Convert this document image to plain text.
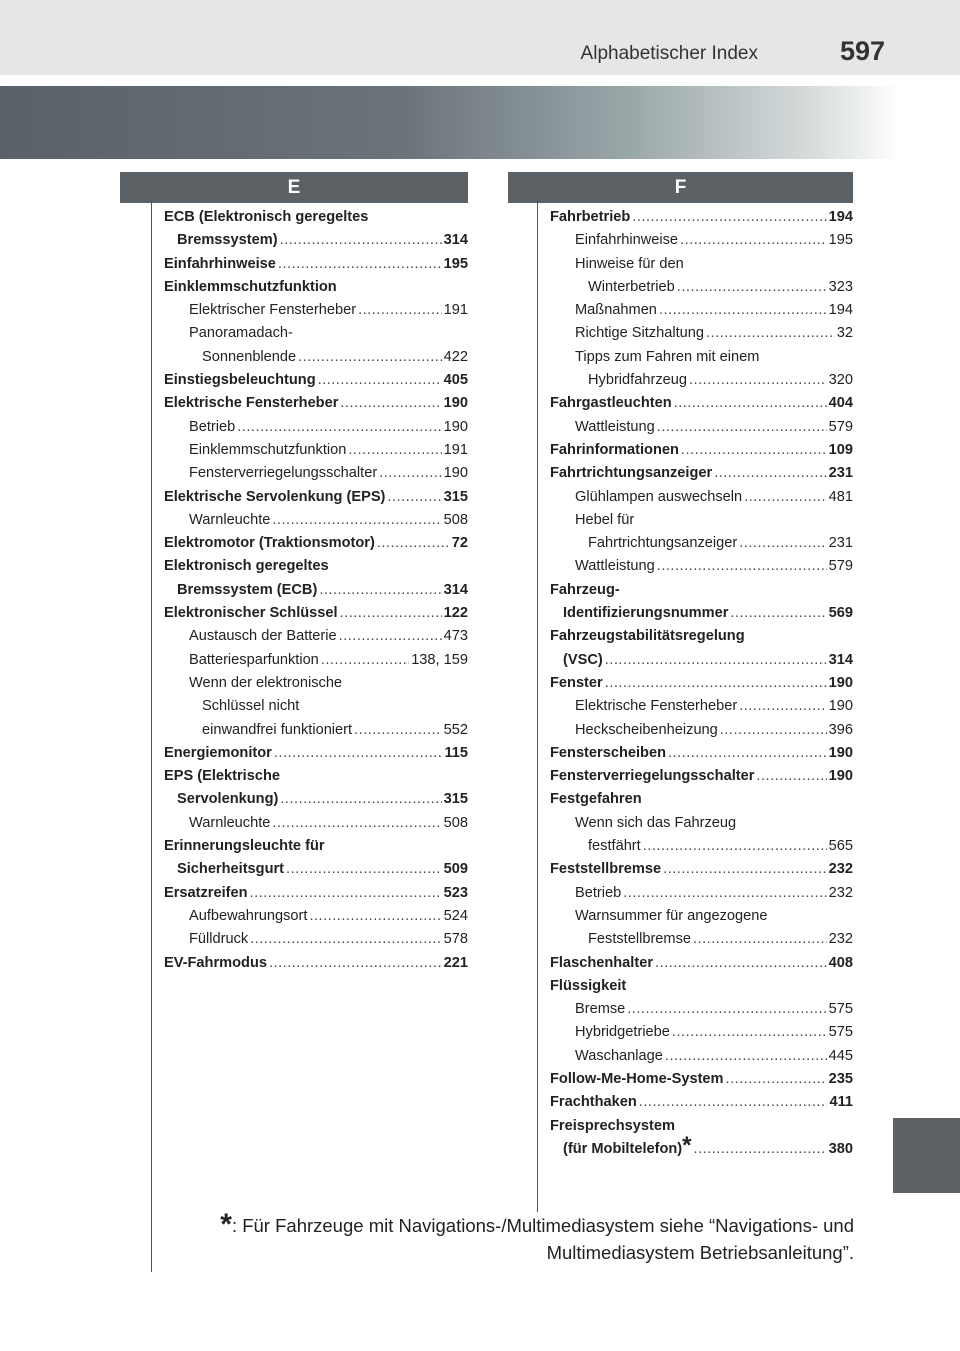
Alphabetischer Index	597
E	F
ECB (Elektronisch geregeltes
Bremssystem) .....	314
Einfahrhinweise .....	195
Einklemmschutzfunktion
Elektrischer Fensterheber .....	191
Panoramadach-
Sonnenblende .....	422
Einstiegsbeleuchtung .....	405
Elektrische Fensterheber .....	190
Betrieb .....	190
Einklemmschutzfunktion .....	191
Fensterverriegelungsschalter .....	190
Elektrische Servolenkung (EPS) .....	315
Warnleuchte .....	508
Elektromotor (Traktionsmotor) .....	72
Elektronisch geregeltes
Bremssystem (ECB) .....	314
Elektronischer Schlüssel .....	122
Austausch der Batterie .....	473
Batteriesparfunktion .....	138, 159
Wenn der elektronische
Schlüssel nicht
einwandfrei funktioniert .....	552
Energiemonitor .....	115
EPS (Elektrische
Servolenkung) .....	315
Warnleuchte .....	508
Erinnerungsleuchte für
Sicherheitsgurt .....	509
Ersatzreifen .....	523
Aufbewahrungsort .....	524
Fülldruck .....	578
EV-Fahrmodus .....	221
Fahrbetrieb .....	194
Einfahrhinweise .....	195
Hinweise für den
Winterbetrieb .....	323
Maßnahmen .....	194
Richtige Sitzhaltung .....	32
Tipps zum Fahren mit einem
Hybridfahrzeug .....	320
Fahrgastleuchten .....	404
Wattleistung .....	579
Fahrinformationen .....	109
Fahrtrichtungsanzeiger .....	231
Glühlampen auswechseln .....	481
Hebel für
Fahrtrichtungsanzeiger .....	231
Wattleistung .....	579
Fahrzeug-
Identifizierungsnummer .....	569
Fahrzeugstabilitätsregelung
(VSC) .....	314
Fenster .....	190
Elektrische Fensterheber .....	190
Heckscheibenheizung .....	396
Fensterscheiben .....	190
Fensterverriegelungsschalter .....	190
Festgefahren
Wenn sich das Fahrzeug
festfährt .....	565
Feststellbremse .....	232
Betrieb .....	232
Warnsummer für angezogene
Feststellbremse .....	232
Flaschenhalter .....	408
Flüssigkeit
Bremse .....	575
Hybridgetriebe .....	575
Waschanlage .....	445
Follow-Me-Home-System .....	235
Frachthaken .....	411
Freisprechsystem
(für Mobiltelefon) * .....	380
*: Für Fahrzeuge mit Navigations-/Multimediasystem siehe “Navigations- und Multimediasystem Betriebsanleitung”.
